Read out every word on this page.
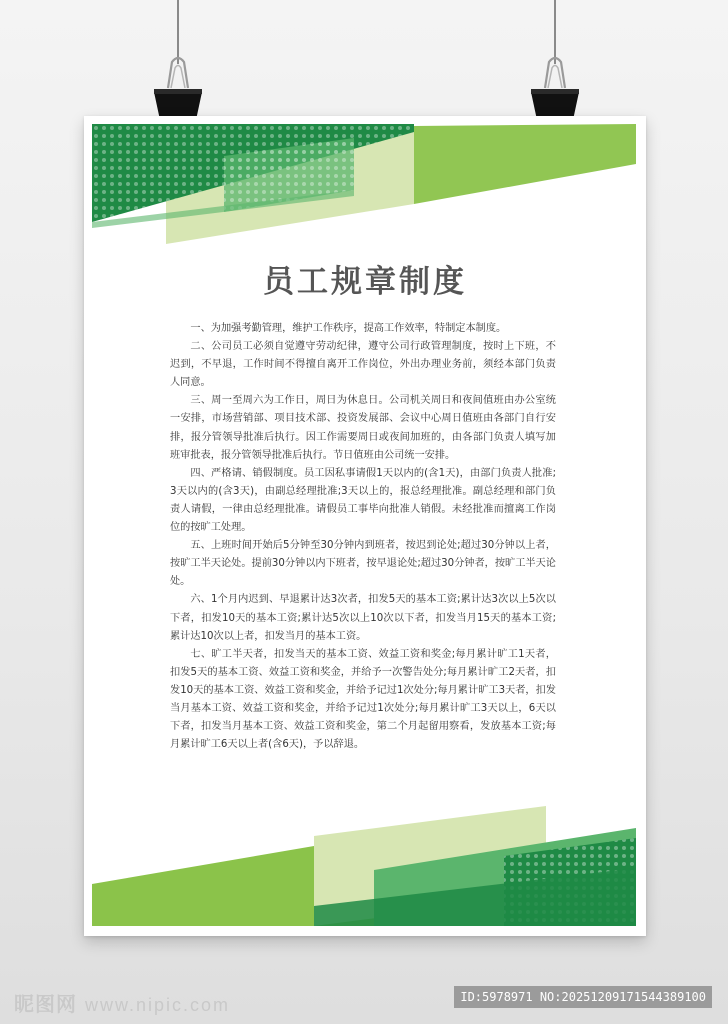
员工规章制度

一、为加强考勤管理，维护工作秩序，提高工作效率，特制定本制度。

二、公司员工必须自觉遵守劳动纪律，遵守公司行政管理制度，按时上下班，不迟到，不早退，工作时间不得擅自离开工作岗位，外出办理业务前，须经本部门负责人同意。

三、周一至周六为工作日，周日为休息日。公司机关周日和夜间值班由办公室统一安排，市场营销部、项目技术部、投资发展部、会议中心周日值班由各部门自行安排，报分管领导批准后执行。因工作需要周日或夜间加班的，由各部门负责人填写加班审批表，报分管领导批准后执行。节日值班由公司统一安排。

四、严格请、销假制度。员工因私事请假1天以内的(含1天)，由部门负责人批准;3天以内的(含3天)，由副总经理批准;3天以上的，报总经理批准。副总经理和部门负责人请假，一律由总经理批准。请假员工事毕向批准人销假。未经批准而擅离工作岗位的按旷工处理。

五、上班时间开始后5分钟至30分钟内到班者，按迟到论处;超过30分钟以上者，按旷工半天论处。提前30分钟以内下班者，按早退论处;超过30分钟者，按旷工半天论处。

六、1个月内迟到、早退累计达3次者，扣发5天的基本工资;累计达3次以上5次以下者，扣发10天的基本工资;累计达5次以上10次以下者，扣发当月15天的基本工资;累计达10次以上者，扣发当月的基本工资。

七、旷工半天者，扣发当天的基本工资、效益工资和奖金;每月累计旷工1天者，扣发5天的基本工资、效益工资和奖金，并给予一次警告处分;每月累计旷工2天者，扣发10天的基本工资、效益工资和奖金，并给予记过1次处分;每月累计旷工3天者，扣发当月基本工资、效益工资和奖金，并给予记过1次处分;每月累计旷工3天以上，6天以下者，扣发当月基本工资、效益工资和奖金，第二个月起留用察看，发放基本工资;每月累计旷工6天以上者(含6天)，予以辞退。

昵图网 www.nipic.com	ID:5978971 NO:20251209171544389100
